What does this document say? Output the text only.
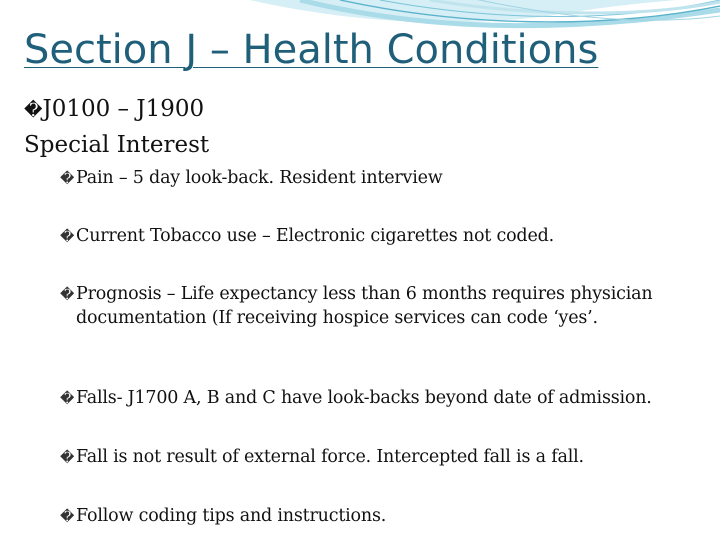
Section J – Health Conditions
�J0100 – J1900
Special Interest
� Pain – 5 day look-back. Resident interview
� Current Tobacco use – Electronic cigarettes not coded.
� Prognosis – Life expectancy less than 6 months requires physician documentation (If receiving hospice services can code ‘yes’.
� Falls- J1700 A, B and C have look-backs beyond date of admission.
� Fall is not result of external force. Intercepted fall is a fall.
� Follow coding tips and instructions.
